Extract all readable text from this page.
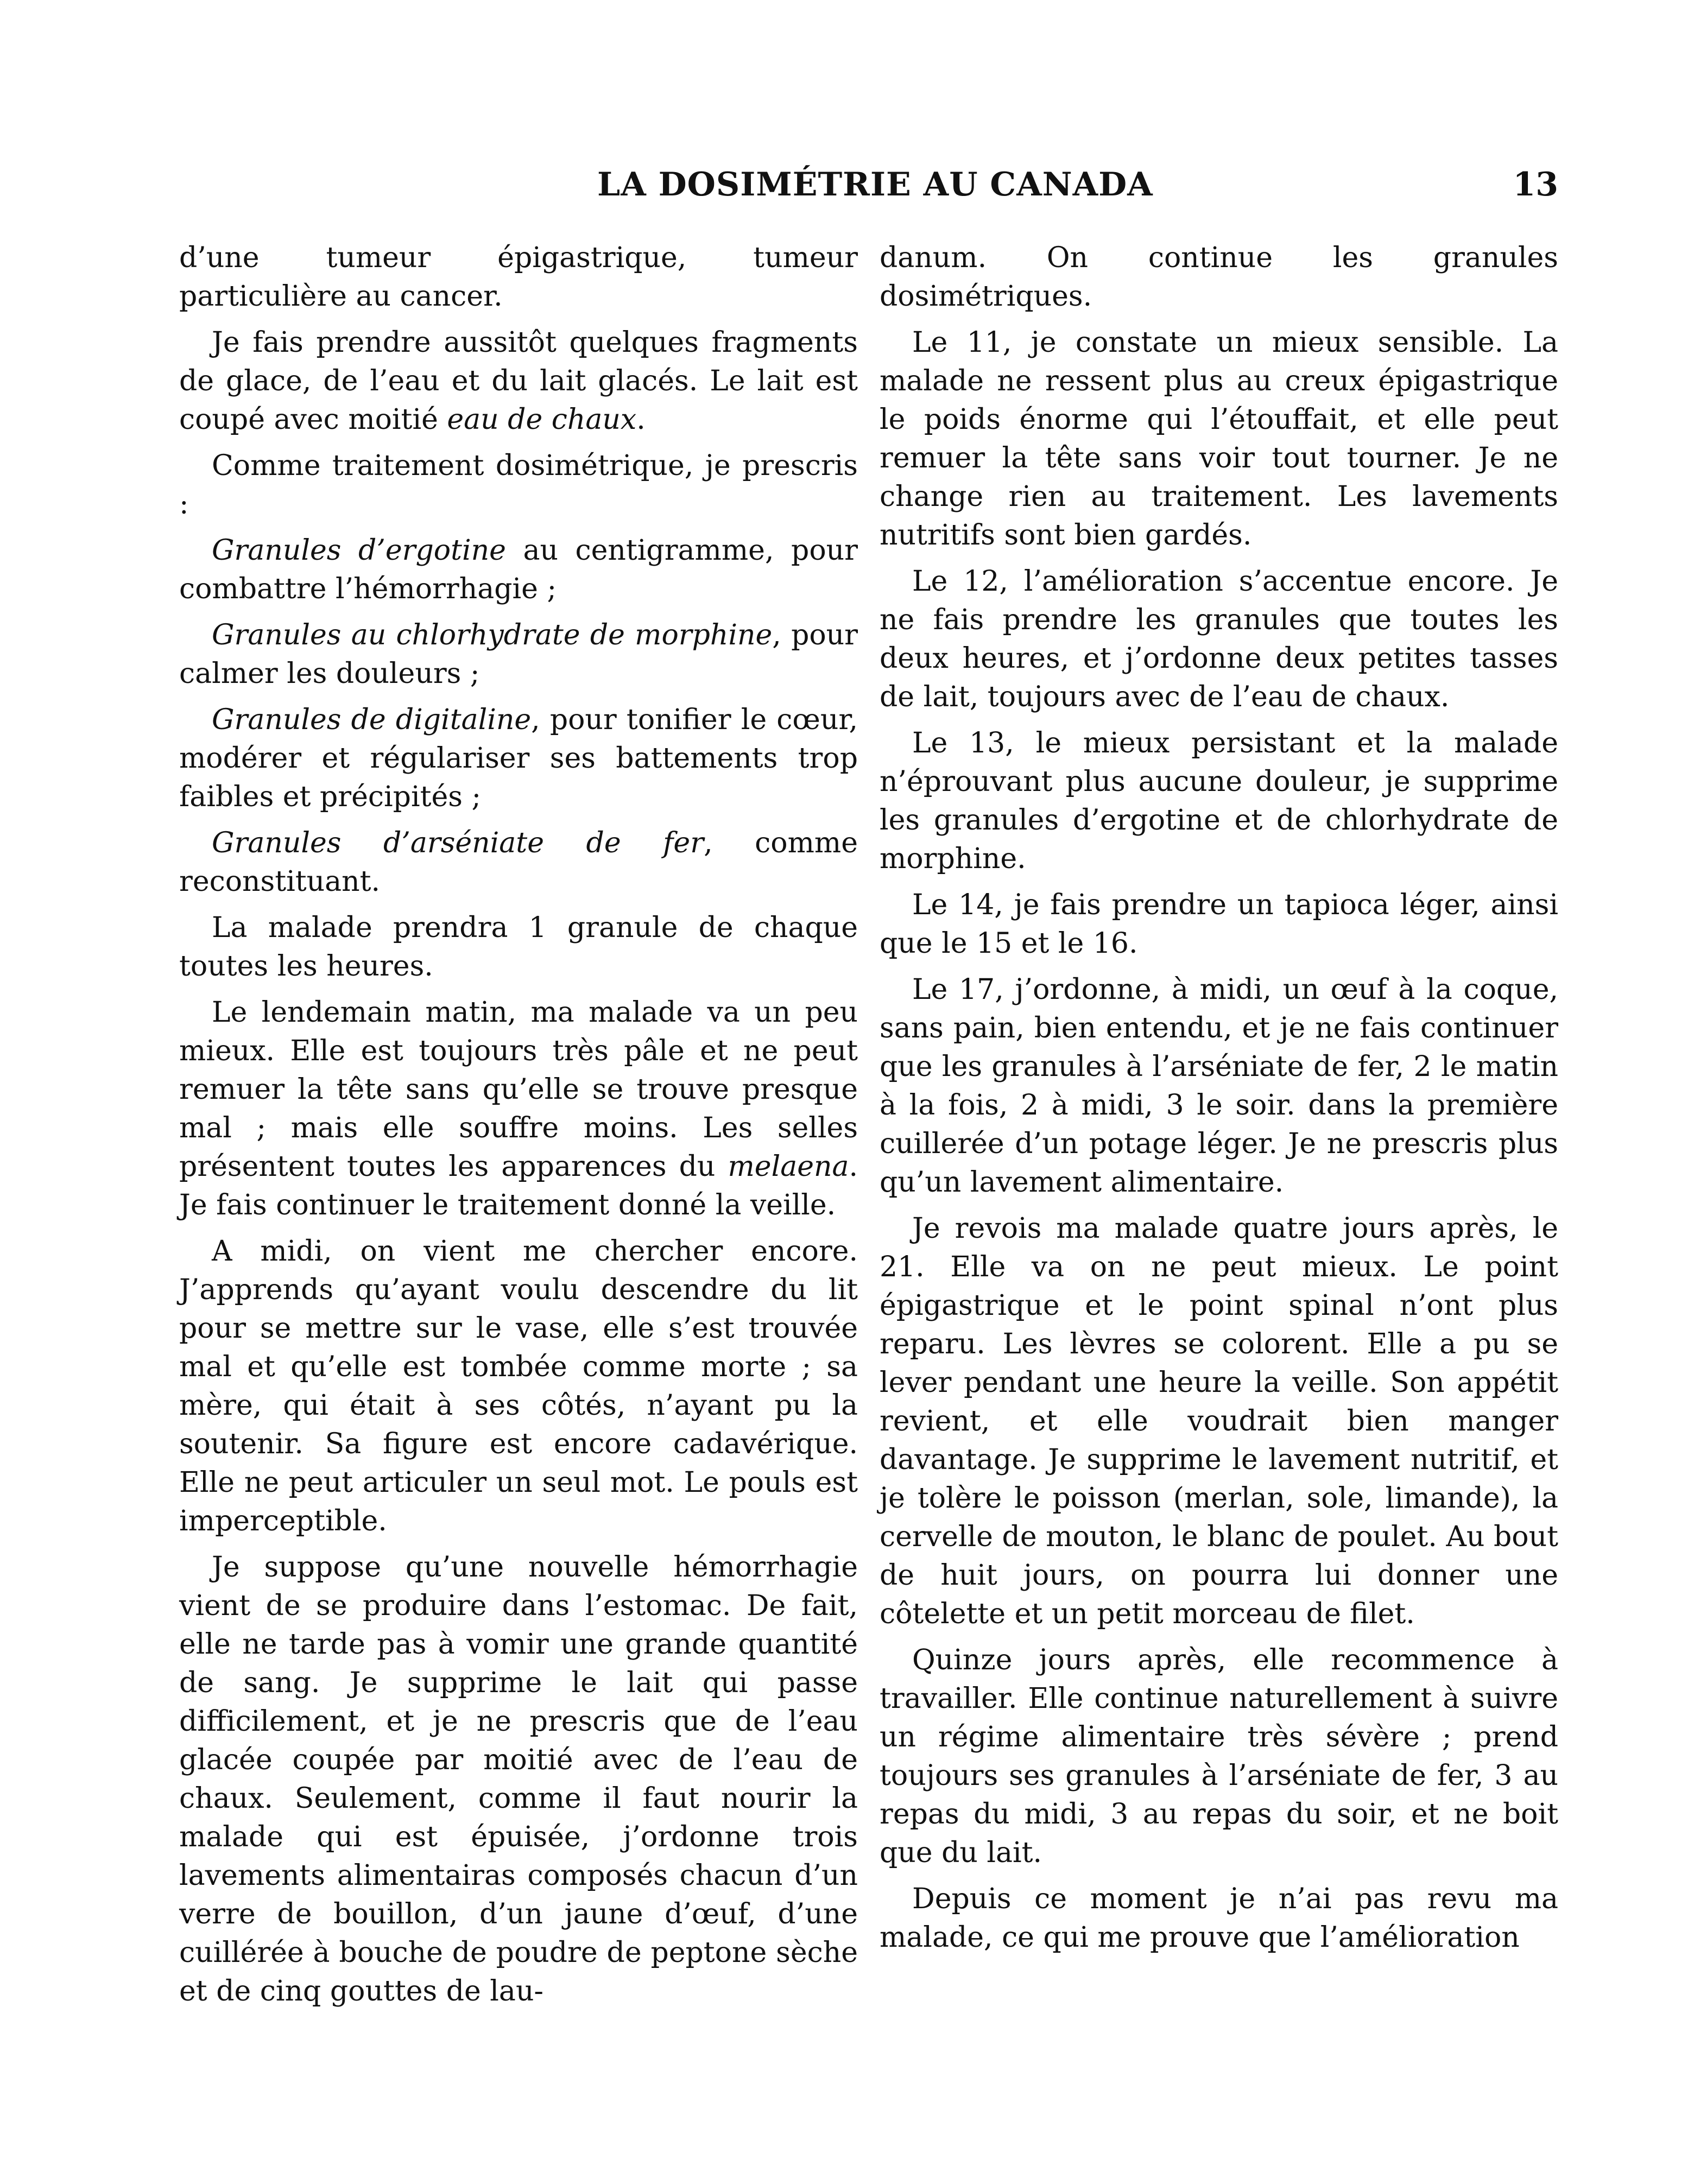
LA DOSIMÉTRIE AU CANADA	13

d’une tumeur épigastrique, tumeur particulière au cancer.

Je fais prendre aussitôt quelques fragments de glace, de l’eau et du lait glacés. Le lait est coupé avec moitié eau de chaux.

Comme traitement dosimétrique, je prescris :

Granules d’ergotine au centigramme, pour combattre l’hémorrhagie ;

Granules au chlorhydrate de morphine, pour calmer les douleurs ;

Granules de digitaline, pour tonifier le cœur, modérer et régulariser ses battements trop faibles et précipités ;

Granules d’arséniate de fer, comme reconstituant.

La malade prendra 1 granule de chaque toutes les heures.

Le lendemain matin, ma malade va un peu mieux. Elle est toujours très pâle et ne peut remuer la tête sans qu’elle se trouve presque mal ; mais elle souffre moins. Les selles présentent toutes les apparences du melaena. Je fais continuer le traitement donné la veille.

A midi, on vient me chercher encore. J’apprends qu’ayant voulu descendre du lit pour se mettre sur le vase, elle s’est trouvée mal et qu’elle est tombée comme morte ; sa mère, qui était à ses côtés, n’ayant pu la soutenir. Sa figure est encore cadavérique. Elle ne peut articuler un seul mot. Le pouls est imperceptible.

Je suppose qu’une nouvelle hémorrhagie vient de se produire dans l’estomac. De fait, elle ne tarde pas à vomir une grande quantité de sang. Je supprime le lait qui passe difficilement, et je ne prescris que de l’eau glacée coupée par moitié avec de l’eau de chaux. Seulement, comme il faut nourir la malade qui est épuisée, j’ordonne trois lavements alimentairas composés chacun d’un verre de bouillon, d’un jaune d’œuf, d’une cuillérée à bouche de poudre de peptone sèche et de cinq gouttes de lau-

danum. On continue les granules dosimétriques.

Le 11, je constate un mieux sensible. La malade ne ressent plus au creux épigastrique le poids énorme qui l’étouffait, et elle peut remuer la tête sans voir tout tourner. Je ne change rien au traitement. Les lavements nutritifs sont bien gardés.

Le 12, l’amélioration s’accentue encore. Je ne fais prendre les granules que toutes les deux heures, et j’ordonne deux petites tasses de lait, toujours avec de l’eau de chaux.

Le 13, le mieux persistant et la malade n’éprouvant plus aucune douleur, je supprime les granules d’ergotine et de chlorhydrate de morphine.

Le 14, je fais prendre un tapioca léger, ainsi que le 15 et le 16.

Le 17, j’ordonne, à midi, un œuf à la coque, sans pain, bien entendu, et je ne fais continuer que les granules à l’arséniate de fer, 2 le matin à la fois, 2 à midi, 3 le soir. dans la première cuillerée d’un potage léger. Je ne prescris plus qu’un lavement alimentaire.

Je revois ma malade quatre jours après, le 21. Elle va on ne peut mieux. Le point épigastrique et le point spinal n’ont plus reparu. Les lèvres se colorent. Elle a pu se lever pendant une heure la veille. Son appétit revient, et elle voudrait bien manger davantage. Je supprime le lavement nutritif, et je tolère le poisson (merlan, sole, limande), la cervelle de mouton, le blanc de poulet. Au bout de huit jours, on pourra lui donner une côtelette et un petit morceau de filet.

Quinze jours après, elle recommence à travailler. Elle continue naturellement à suivre un régime alimentaire très sévère ; prend toujours ses granules à l’arséniate de fer, 3 au repas du midi, 3 au repas du soir, et ne boit que du lait.

Depuis ce moment je n’ai pas revu ma malade, ce qui me prouve que l’amélioration
